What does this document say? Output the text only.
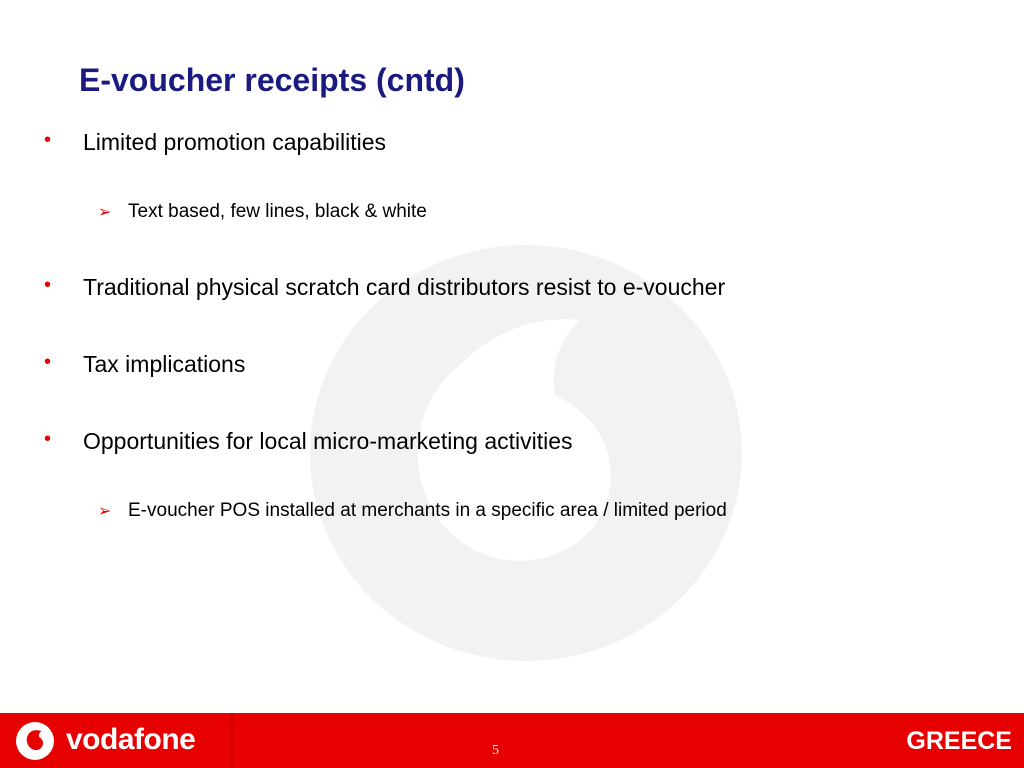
E-voucher receipts (cntd)
• Limited promotion capabilities
➢ Text based, few lines, black & white
• Traditional physical scratch card distributors resist to e-voucher
• Tax implications
• Opportunities for local micro-marketing activities
➢ E-voucher POS installed at merchants in a specific area / limited period
vodafone	5	GREECE
